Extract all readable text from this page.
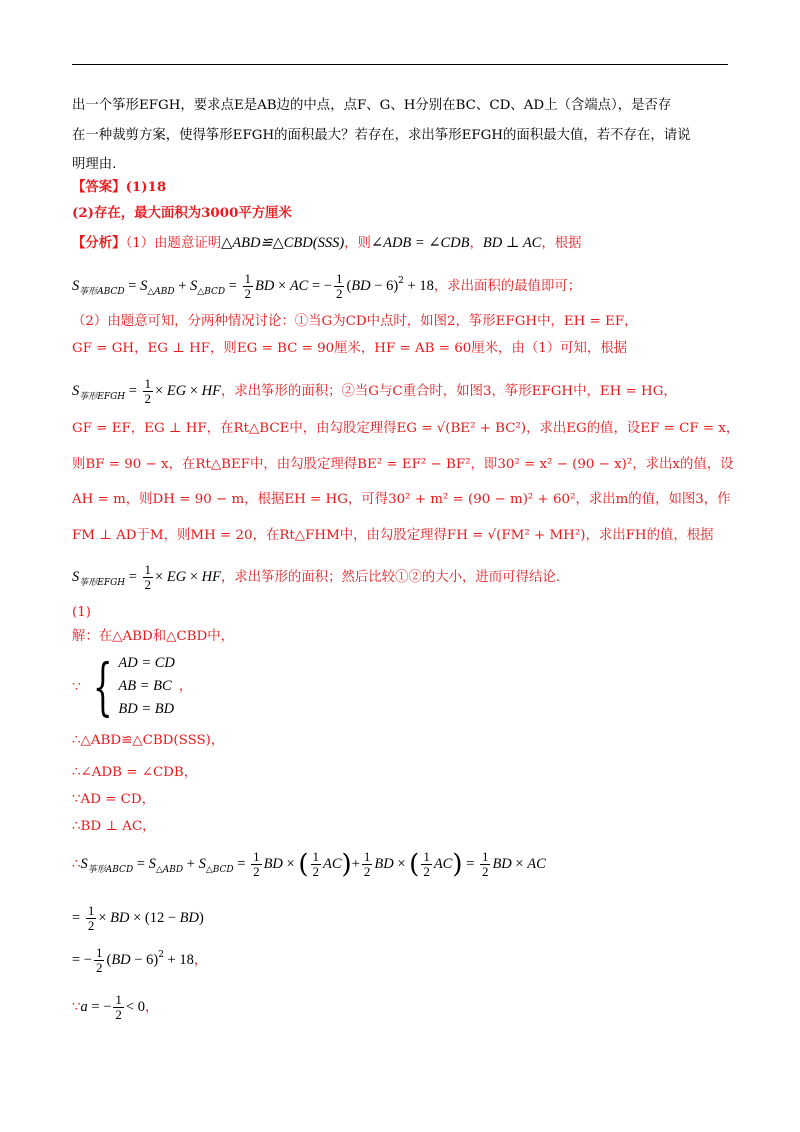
出一个筝形EFGH，要求点E是AB边的中点，点F、G、H分别在BC、CD、AD上（含端点），是否存
在一种裁剪方案，使得筝形EFGH的面积最大？若存在，求出筝形EFGH的面积最大值，若不存在，请说
明理由.
【答案】(1)18
(2)存在，最大面积为3000平方厘米
【分析】（1）由题意证明△ABD≌△CBD(SSS)，则∠ADB = ∠CDB，BD ⊥ AC，根据
$S_{筝形ABCD} = S_{\triangle ABD} + S_{\triangle BCD} = \frac{1}{2}$ BD × AC = − $\frac{1}{2} (BD - 6)^2 + 18$，求出面积的最值即可；
（2）由题意可知，分两种情况讨论：①当G为CD中点时，如图2，筝形EFGH中，EH = EF，
GF = GH，EG ⊥ HF，则EG = BC = 90厘米，HF = AB = 60厘米，由（1）可知，根据
$S_{筝形EFGH} = \frac{1}{2}$ × EG × HF，求出筝形的面积；②当G与C重合时，如图3，筝形EFGH中，EH = HG，
GF = EF，EG ⊥ HF，在Rt△BCE中，由勾股定理得EG = √(BE² + BC²)，求出EG的值，设EF = CF = x，
则BF = 90 − x，在Rt△BEF中，由勾股定理得BE² = EF² − BF²，即30² = x² − (90 − x)²，求出x的值，设
AH = m，则DH = 90 − m，根据EH = HG，可得30² + m² = (90 − m)² + 60²，求出m的值，如图3，作
FM ⊥ AD于M，则MH = 20，在Rt△FHM中，由勾股定理得FH = √(FM² + MH²)，求出FH的值，根据
$S_{筝形EFGH} = \frac{1}{2}$ × EG × HF，求出筝形的面积；然后比较①②的大小，进而可得结论.
(1)
解：在△ABD和△CBD中，
∵ { AD = CD
AB = BC
BD = BD
，
∴△ABD≌△CBD(SSS)，
∴∠ADB = ∠CDB，
∵AD = CD，
∴BD ⊥ AC，
$\therefore S_{筝形ABCD} = S_{\triangle ABD} + S_{\triangle BCD} = \frac{1}{2}$ BD × ( $\frac{1}{2} AC)+ \frac{1}{2}$ BD × ( $\frac{1}{2} AC) = \frac{1}{2}$ BD × AC
= $\frac{1}{2}$ × BD × (12 − BD)
= − $\frac{1}{2} (BD - 6)^2 + 18$，
∵a = − $\frac{1}{2} < 0$，
